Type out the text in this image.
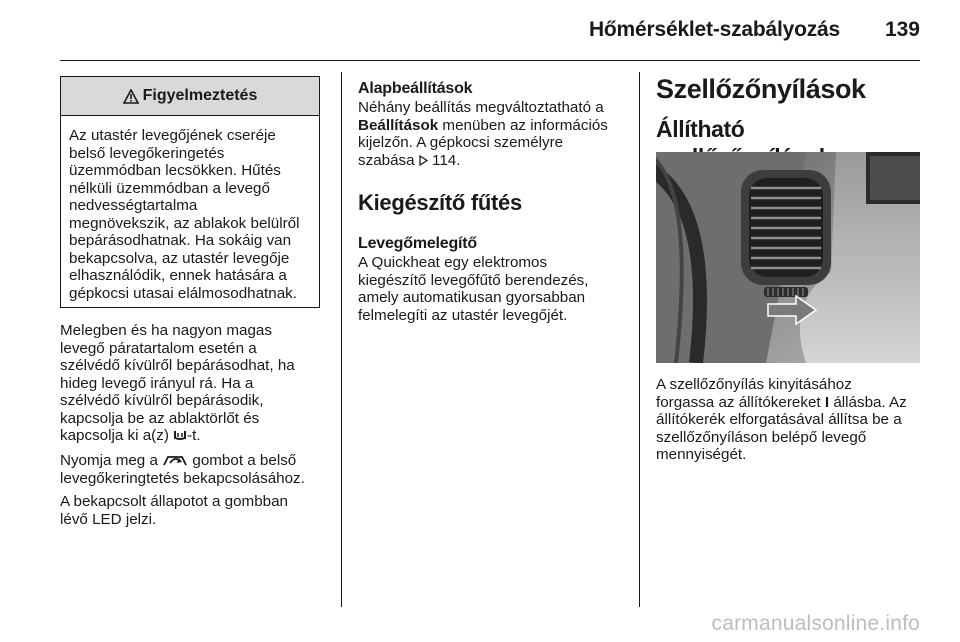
Hőmérséklet-szabályozás 139
Figyelmeztetés

Az utastér levegőjének cseréje

belső levegőkeringetés

üzemmódban lecsökken. Hűtés

nélküli üzemmódban a levegő

nedvességtartalma

megnövekszik, az ablakok belülről

bepárásodhatnak. Ha sokáig van

bekapcsolva, az utastér levegője

elhasználódik, ennek hatására a

gépkocsi utasai elálmosodhatnak.

Melegben és ha nagyon magas

levegő páratartalom esetén a

szélvédő kívülről bepárásodhat, ha

hideg levegő irányul rá. Ha a

szélvédő kívülről bepárásodik,

kapcsolja be az ablaktörlőt és

kapcsolja ki a(z) -t.

Nyomja meg a gombot a belső

levegőkeringtetés bekapcsolásához.

A bekapcsolt állapotot a gombban

lévő LED jelzi.

Alapbeállítások

Néhány beállítás megváltoztatható a

Beállítások menüben az információs

kijelzőn. A gépkocsi személyre

szabása 114.

Kiegészítő fűtés

Levegőmelegítő

A Quickheat egy elektromos

kiegészítő levegőfűtő berendezés,

amely automatikusan gyorsabban

felmelegíti az utastér levegőjét.

Szellőzőnyílások

Állítható

A szellőzőnyílás kinyitásához

forgassa az állítókereket I állásba. Az

állítókerék elforgatásával állítsa be a

szellőzőnyíláson belépő levegő

mennyiségét.

carmanualsonline.info
